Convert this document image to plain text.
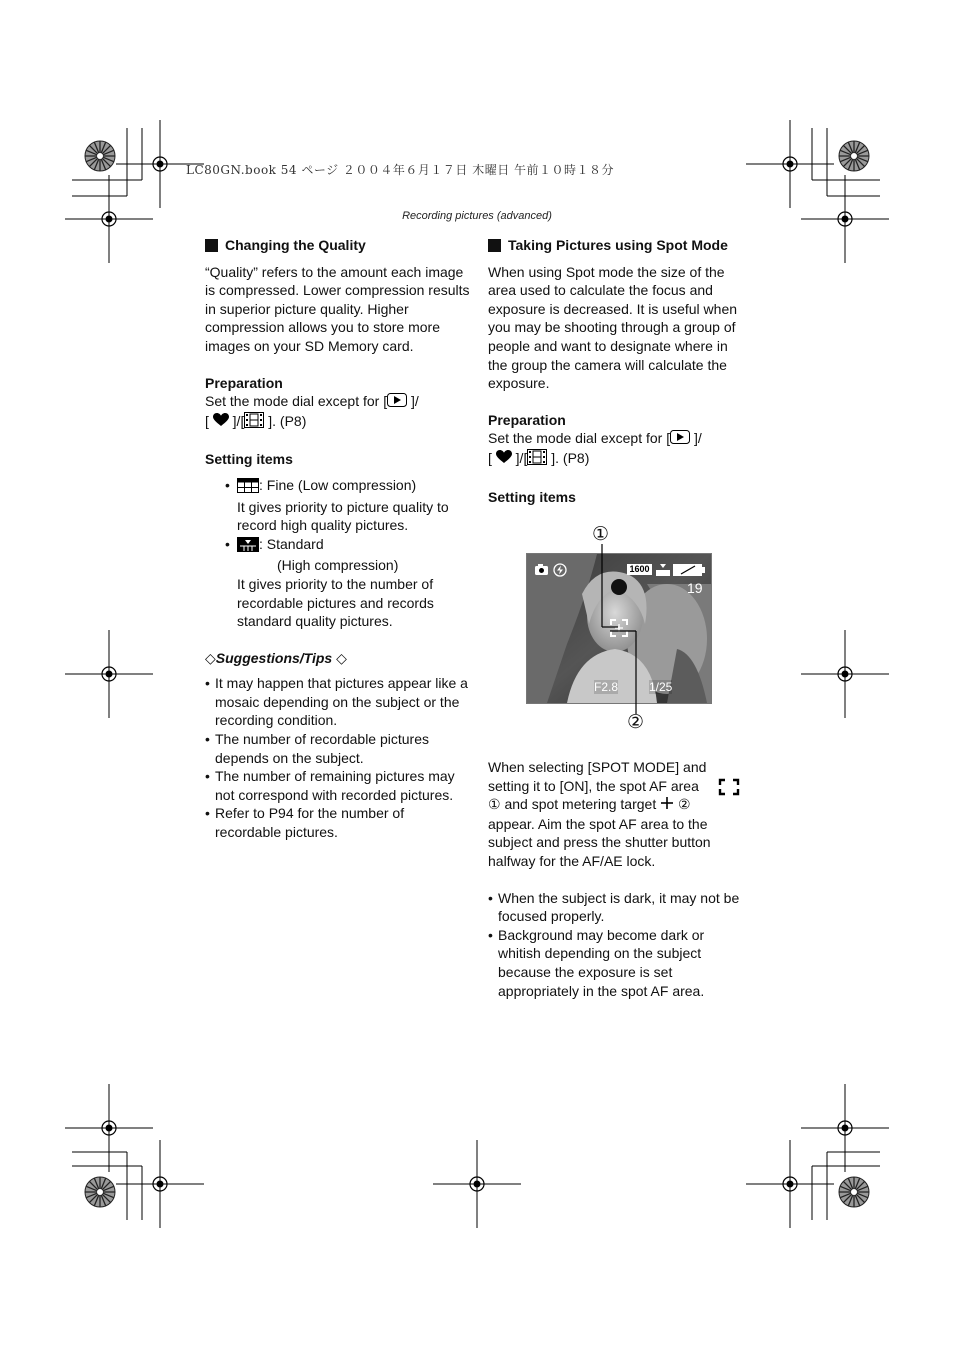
LC80GN.book 54 ページ ２００４年６月１７日 木曜日 午前１０時１８分
Recording pictures (advanced)
Changing the Quality

“Quality” refers to the amount each image is compressed. Lower compression results in superior picture quality. Higher compression allows you to store more images on your SD Memory card.

Preparation

Set the mode dial except for [ ]/

[ ]/[ ]. (P8)

Setting items

• : Fine (Low compression)
It gives priority to picture quality to record high quality pictures.
• : Standard
(High compression)
It gives priority to the number of recordable pictures and records standard quality pictures.

◇Suggestions/Tips ◇

• It may happen that pictures appear like a mosaic depending on the subject or the recording condition.
• The number of recordable pictures depends on the subject.
• The number of remaining pictures may not correspond with recorded pictures.
• Refer to P94 for the number of recordable pictures.
Taking Pictures using Spot Mode

When using Spot mode the size of the area used to calculate the focus and exposure is decreased. It is useful when you may be shooting through a group of people and want to designate where in the group the camera will calculate the exposure.

Preparation

Set the mode dial except for [ ]/

[ ]/[ ]. (P8)

Setting items

1600
19
F2.8	1/25
①
②

When selecting [SPOT MODE] and

setting it to [ON], the spot AF area

① and spot metering target ②

appear. Aim the spot AF area to the subject and press the shutter button halfway for the AF/AE lock.

• When the subject is dark, it may not be focused properly.
• Background may become dark or whitish depending on the subject because the exposure is set appropriately in the spot AF area.
